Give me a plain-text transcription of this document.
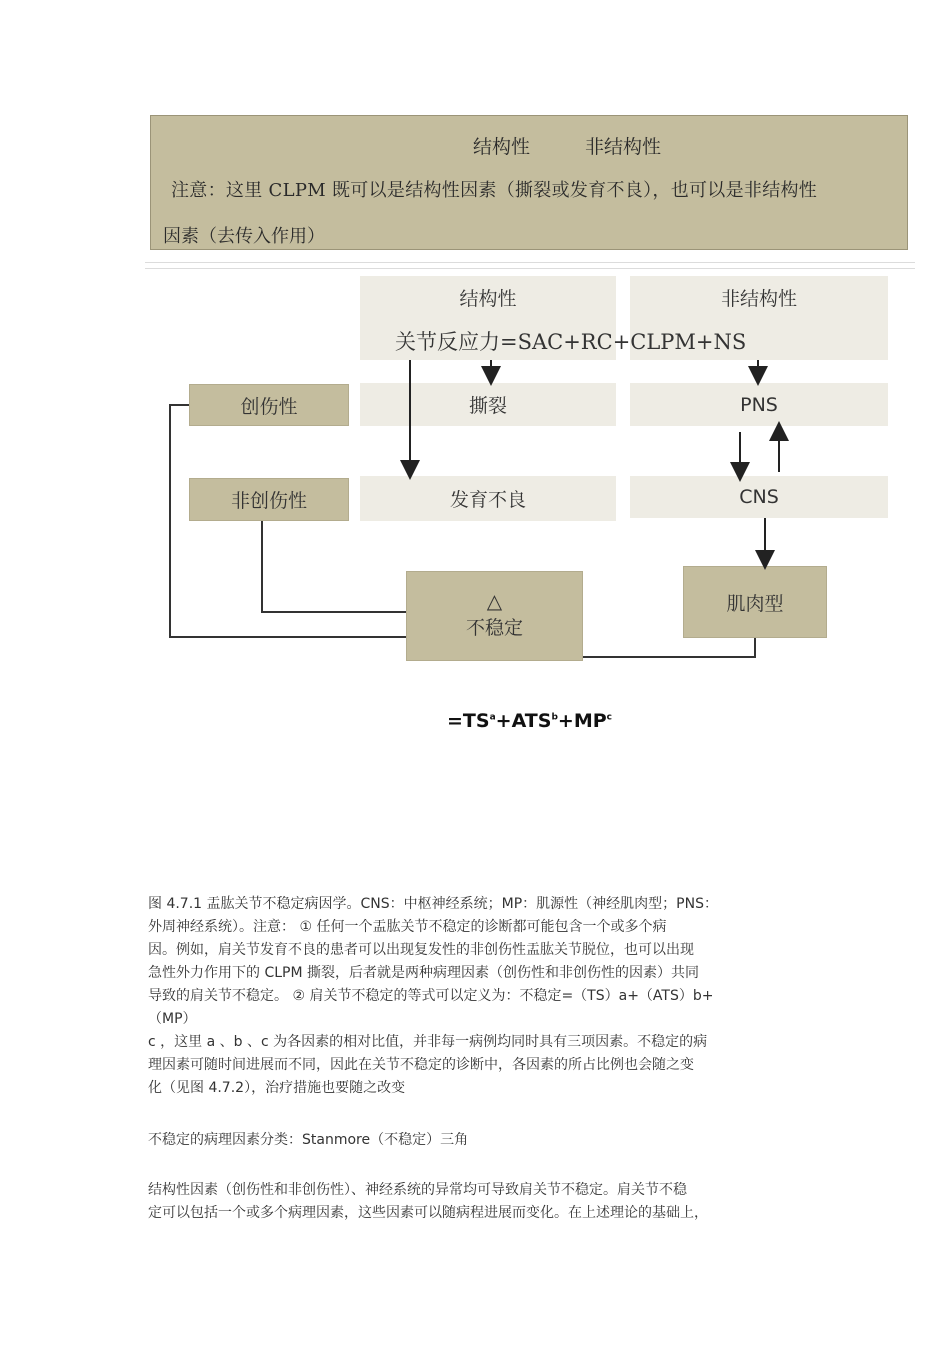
结构性	非结构性
注意：这里 CLPM 既可以是结构性因素（撕裂或发育不良），也可以是非结构性
因素（去传入作用）
结构性	非结构性
关节反应力=SAC+RC+CLPM+NS
撕裂	PNS
创伤性
发育不良	CNS
非创伤性
△
不稳定
肌肉型
$=TS^a+ATS^b+MP^c$
图 4.7.1 盂肱关节不稳定病因学。CNS：中枢神经系统；MP：肌源性（神经肌肉型；PNS：
外周神经系统）。注意： ① 任何一个盂肱关节不稳定的诊断都可能包含一个或多个病
因。例如，肩关节发育不良的患者可以出现复发性的非创伤性盂肱关节脱位，也可以出现
急性外力作用下的 CLPM 撕裂，后者就是两种病理因素（创伤性和非创伤性的因素）共同
导致的肩关节不稳定。 ② 肩关节不稳定的等式可以定义为：不稳定=（TS）a+（ATS）b+
（MP）
c ，这里 a 、b 、c 为各因素的相对比值，并非每一病例均同时具有三项因素。不稳定的病
理因素可随时间进展而不同，因此在关节不稳定的诊断中，各因素的所占比例也会随之变
化（见图 4.7.2），治疗措施也要随之改变
不稳定的病理因素分类：Stanmore（不稳定）三角
结构性因素（创伤性和非创伤性）、神经系统的异常均可导致肩关节不稳定。肩关节不稳
定可以包括一个或多个病理因素，这些因素可以随病程进展而变化。在上述理论的基础上，
